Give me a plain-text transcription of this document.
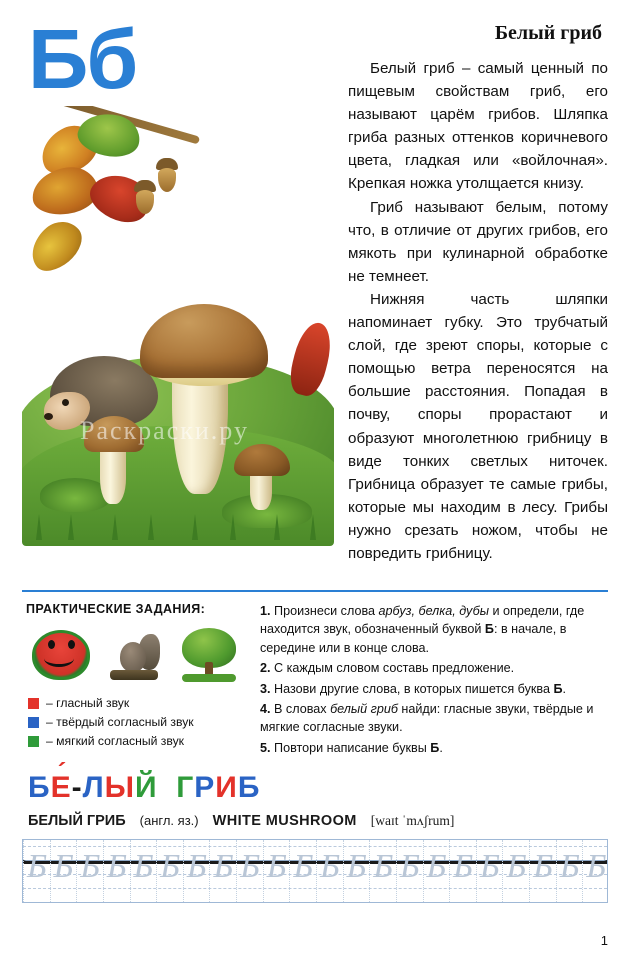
Бб
Раскраски.ру
Белый гриб

Белый гриб – самый ценный по пищевым свойствам гриб, его называют царём грибов. Шляпка гриба разных оттенков коричневого цвета, гладкая или «войлочная». Крепкая ножка утолщается книзу.

Гриб называют белым, потому что, в отличие от других грибов, его мякоть при кулинарной обработке не темнеет.

Нижняя часть шляпки напоминает губку. Это трубчатый слой, где зреют споры, которые с помощью ветра переносятся на большие расстояния. Попадая в почву, споры прорастают и образуют многолетнюю грибницу в виде тонких светлых ниточек. Грибница образует те самые грибы, которые мы находим в лесу. Грибы нужно срезать ножом, чтобы не повредить грибницу.

ПРАКТИЧЕСКИЕ ЗАДАНИЯ:
– гласный звук
– твёрдый согласный звук
– мягкий согласный звук
1. Произнеси слова арбуз, белка, дубы и определи, где находится звук, обозначенный буквой Б: в начале, в середине или в конце слова.
2. С каждым словом составь предложение.
3. Назови другие слова, в которых пишется буква Б.
4. В словах белый гриб найди: гласные звуки, твёрдые и мягкие согласные звуки.
5. Повтори написание буквы Б.
БЕ ´-ЛЫЙ ГРИБ
БЕЛЫЙ ГРИБ (англ. яз.) WHITE MUSHROOM [waɪt ˈmʌʃrum]
Б Б Б Б Б Б Б Б Б Б Б Б Б Б Б Б Б Б Б Б Б Б
1
